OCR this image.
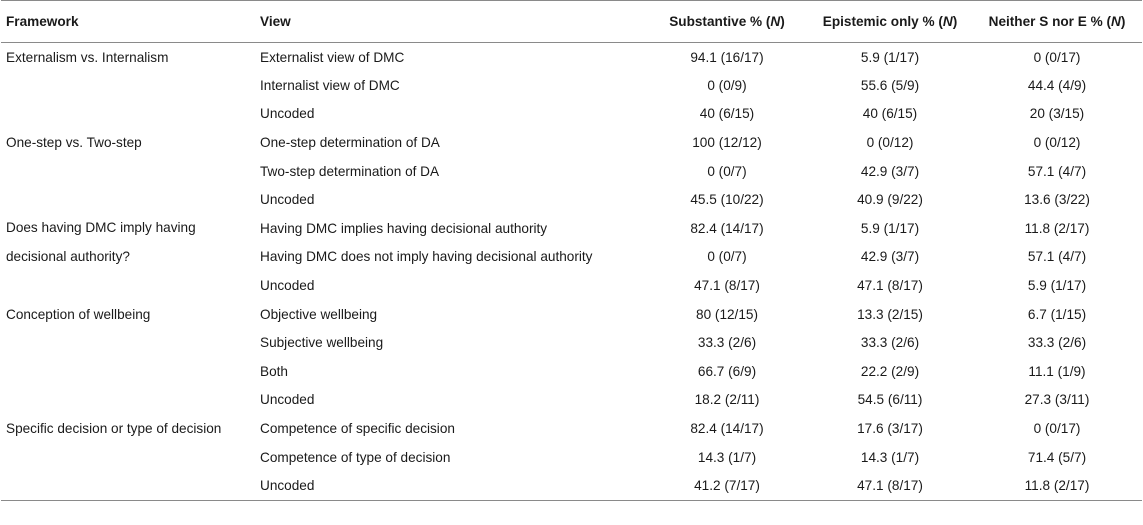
Framework	View	Substantive % (N)	Epistemic only % (N)	Neither S nor E % (N)
Externalism vs. Internalism	Externalist view of DMC	94.1 (16/17)	5.9 (1/17)	0 (0/17)
	Internalist view of DMC	0 (0/9)	55.6 (5/9)	44.4 (4/9)
	Uncoded	40 (6/15)	40 (6/15)	20 (3/15)
One-step vs. Two-step	One-step determination of DA	100 (12/12)	0 (0/12)	0 (0/12)
	Two-step determination of DA	0 (0/7)	42.9 (3/7)	57.1 (4/7)
	Uncoded	45.5 (10/22)	40.9 (9/22)	13.6 (3/22)
Does having DMC imply having decisional authority?	Having DMC implies having decisional authority	82.4 (14/17)	5.9 (1/17)	11.8 (2/17)
	Having DMC does not imply having decisional authority	0 (0/7)	42.9 (3/7)	57.1 (4/7)
	Uncoded	47.1 (8/17)	47.1 (8/17)	5.9 (1/17)
Conception of wellbeing	Objective wellbeing	80 (12/15)	13.3 (2/15)	6.7 (1/15)
	Subjective wellbeing	33.3 (2/6)	33.3 (2/6)	33.3 (2/6)
	Both	66.7 (6/9)	22.2 (2/9)	11.1 (1/9)
	Uncoded	18.2 (2/11)	54.5 (6/11)	27.3 (3/11)
Specific decision or type of decision	Competence of specific decision	82.4 (14/17)	17.6 (3/17)	0 (0/17)
	Competence of type of decision	14.3 (1/7)	14.3 (1/7)	71.4 (5/7)
	Uncoded	41.2 (7/17)	47.1 (8/17)	11.8 (2/17)
